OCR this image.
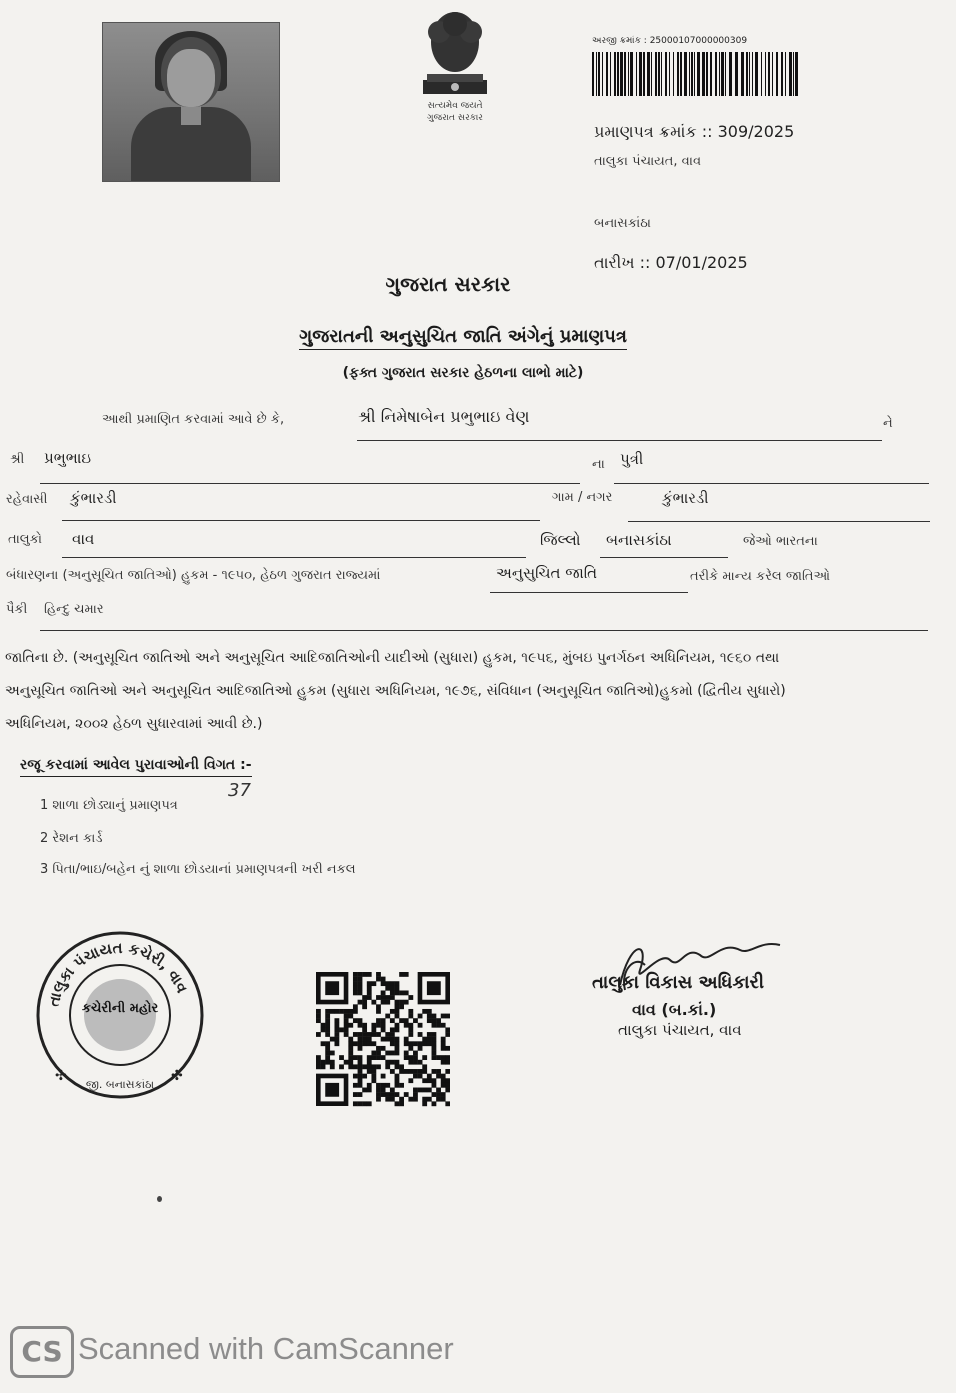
સત્યમેવ જયતે
ગુજરાત સરકાર
અરજી ક્રમાંક : 25000107000000309
પ્રમાણપત્ર ક્રમાંક :: 309/2025
તાલુકા પંચાયત, વાવ
બનાસકાંઠા
તારીખ :: 07/01/2025
ગુજરાત સરકાર
ગુજરાતની અનુસુચિત જાતિ અંગેનું પ્રમાણપત્ર
(ફક્ત ગુજરાત સરકાર હેઠળના લાભો માટે)
આથી પ્રમાણિત કરવામાં આવે છે કે,	શ્રી નિમેષાબેન પ્રભુભાઇ વેણ	ને
શ્રી પ્રભુભાઇ	ના પુત્રી
રહેવાસી કુંભારડી	ગામ / નગર	કુંભારડી
તાલુકો વાવ	જિલ્લો બનાસકાંઠા	જેઓ ભારતના
બંધારણના (અનુસૂચિત જાતિઓ) હુકમ - ૧૯૫૦, હેઠળ ગુજરાત રાજ્યમાં	અનુસુચિત જાતિ	તરીકે માન્ય કરેલ જાતિઓ
પૈકી હિન્દુ ચમાર
જાતિના છે. (અનુસૂચિત જાતિઓ અને અનુસૂચિત આદિજાતિઓની યાદીઓ (સુધારા) હુકમ, ૧૯૫૬, મુંબઇ પુનર્ગઠન અધિનિયમ, ૧૯૬૦ તથા
અનુસૂચિત જાતિઓ અને અનુસૂચિત આદિજાતિઓ હુકમ (સુધારા અધિનિયમ, ૧૯૭૬, સંવિધાન (અનુસૂચિત જાતિઓ)હુકમો (દ્વિતીય સુધારો)
અધિનિયમ, ૨૦૦૨ હેઠળ સુધારવામાં આવી છે.)
રજૂ કરવામાં આવેલ પુરાવાઓની વિગત :-
1 શાળા છોડ્યાનું પ્રમાણપત્ર
37
2 રેશન કાર્ડ
3 પિતા/ભાઇ/બહેન નું શાળા છોડયાનાં પ્રમાણપત્રની ખરી નકલ
તાલુકા પંચાયત કચેરી, વાવ
કચેરીની મહોર
જી. બનાસકાંઠા
✣	✣
તાલુકા વિકાસ અધિકારી
વાવ (બ.કાં.)
તાલુકા પંચાયત, વાવ
CS Scanned with CamScanner
